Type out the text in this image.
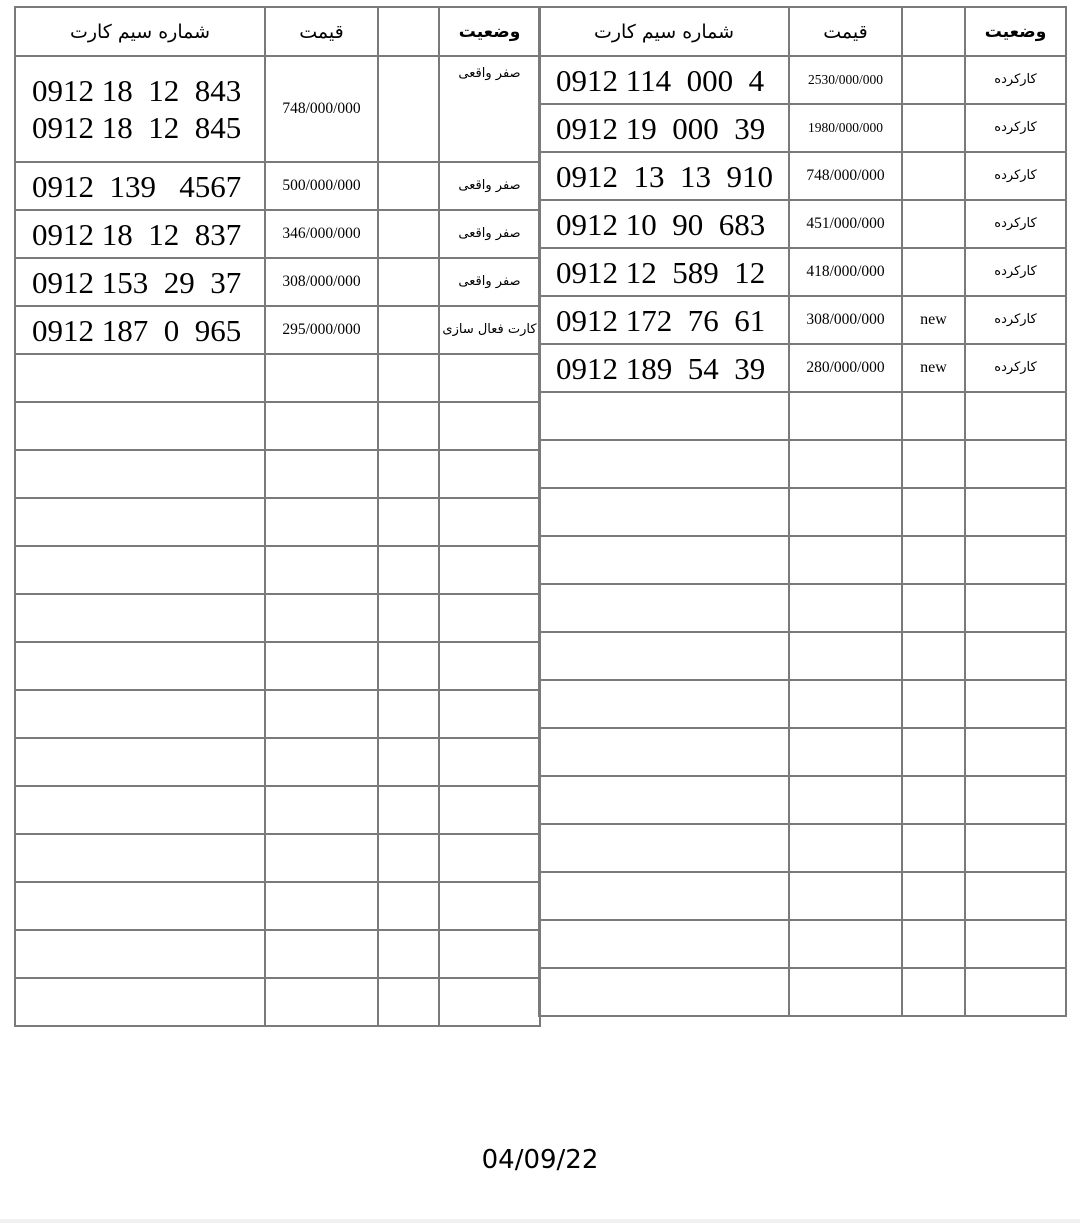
شماره سیم کارت	قیمت		وضعیت

0912 18  12  843
0912 18  12  845	748/000/000		صفر واقعی
0912  139   4567	500/000/000		صفر واقعی
0912 18  12  837	346/000/000		صفر واقعی
0912 153  29  37	308/000/000		صفر واقعی
0912 187  0  965	295/000/000		کارت فعال سازی

شماره سیم کارت	قیمت		وضعیت
0912 114  000  4	2530/000/000		کارکرده
0912 19  000  39	1980/000/000		کارکرده
0912  13  13  910	748/000/000		کارکرده
0912 10  90  683	451/000/000		کارکرده
0912 12  589  12	418/000/000		کارکرده
0912 172  76  61	308/000/000	new	کارکرده
0912 189  54  39	280/000/000	new	کارکرده

04/09/22
